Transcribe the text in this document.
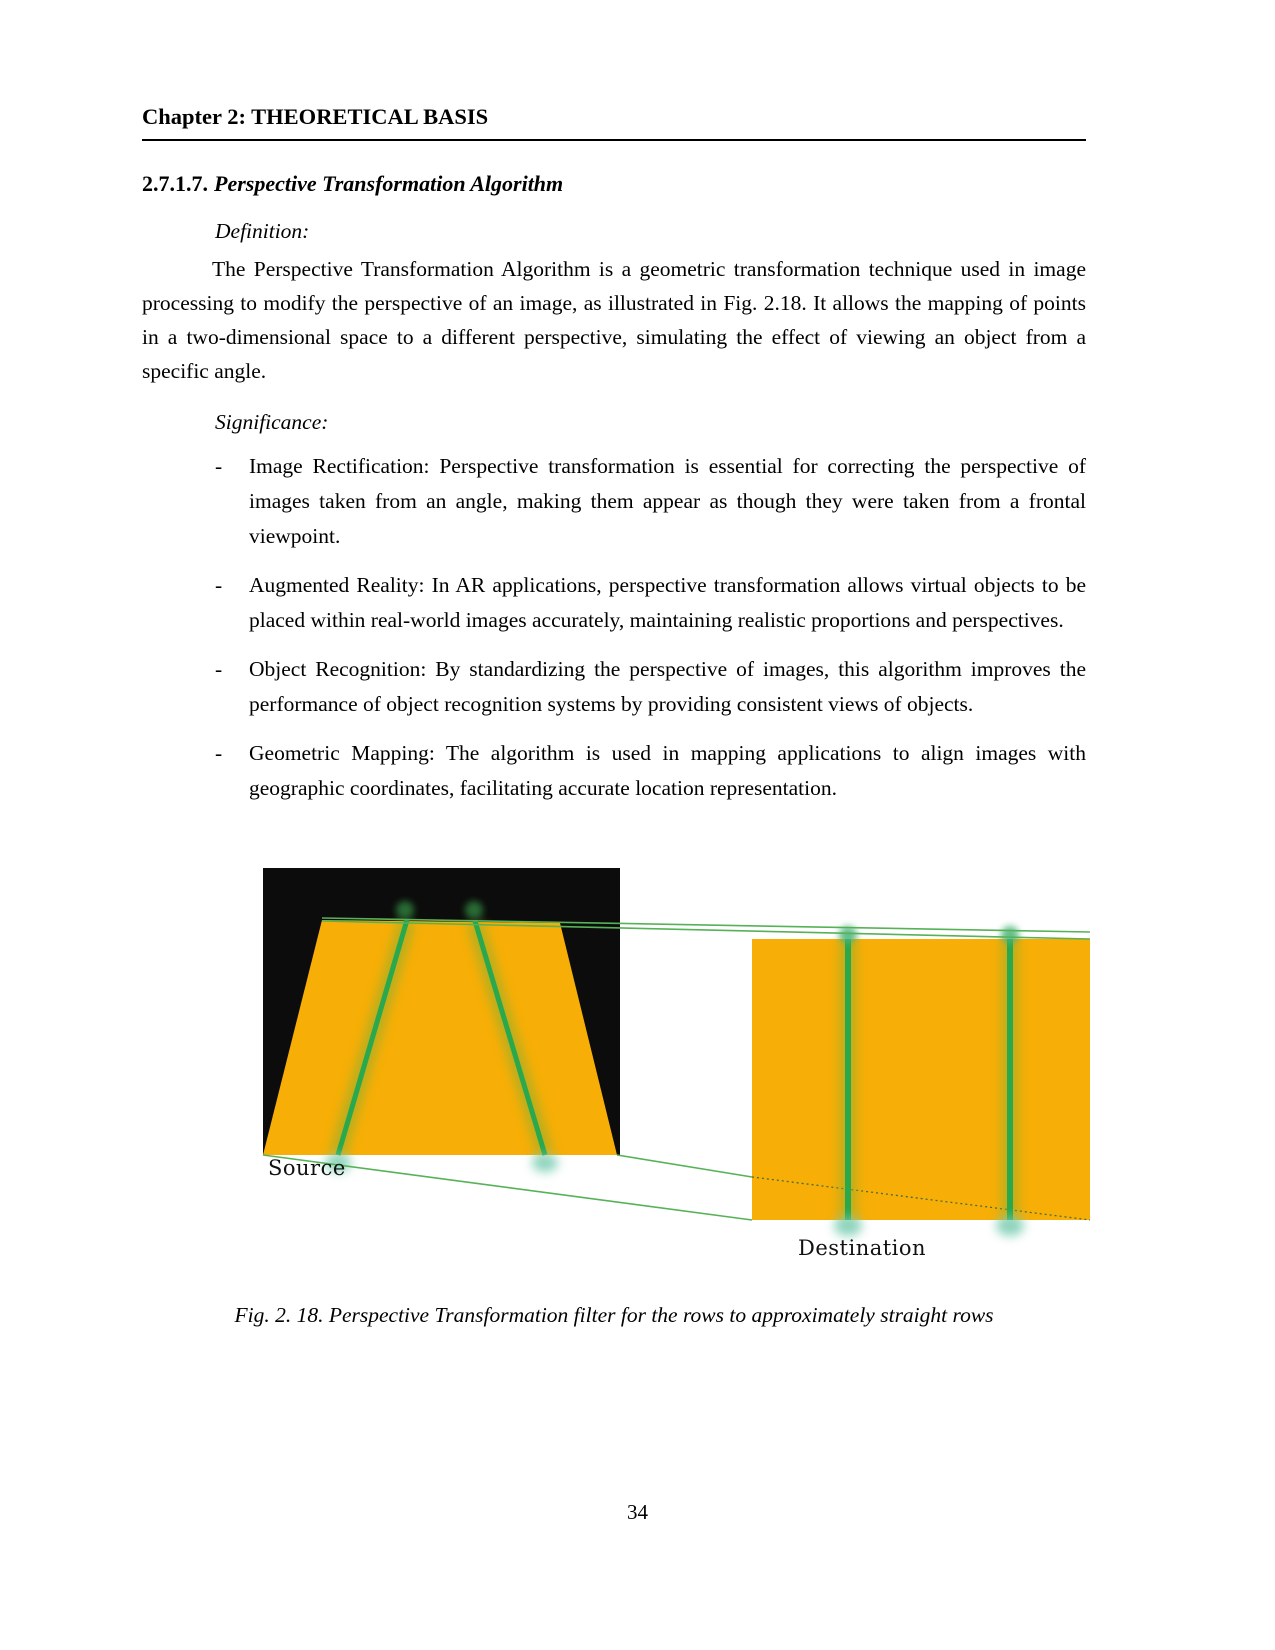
Chapter 2: THEORETICAL BASIS
2.7.1.7. Perspective Transformation Algorithm
Definition:

The Perspective Transformation Algorithm is a geometric transformation technique used in image processing to modify the perspective of an image, as illustrated in Fig. 2.18. It allows the mapping of points in a two-dimensional space to a different perspective, simulating the effect of viewing an object from a specific angle.

Significance:
-	Image Rectification: Perspective transformation is essential for correcting the perspective of images taken from an angle, making them appear as though they were taken from a frontal viewpoint.
-	Augmented Reality: In AR applications, perspective transformation allows virtual objects to be placed within real-world images accurately, maintaining realistic proportions and perspectives.
-	Object Recognition: By standardizing the perspective of images, this algorithm improves the performance of object recognition systems by providing consistent views of objects.
-	Geometric Mapping: The algorithm is used in mapping applications to align images with geographic coordinates, facilitating accurate location representation.
Source
Destination
Fig. 2. 18. Perspective Transformation filter for the rows to approximately straight rows
34
